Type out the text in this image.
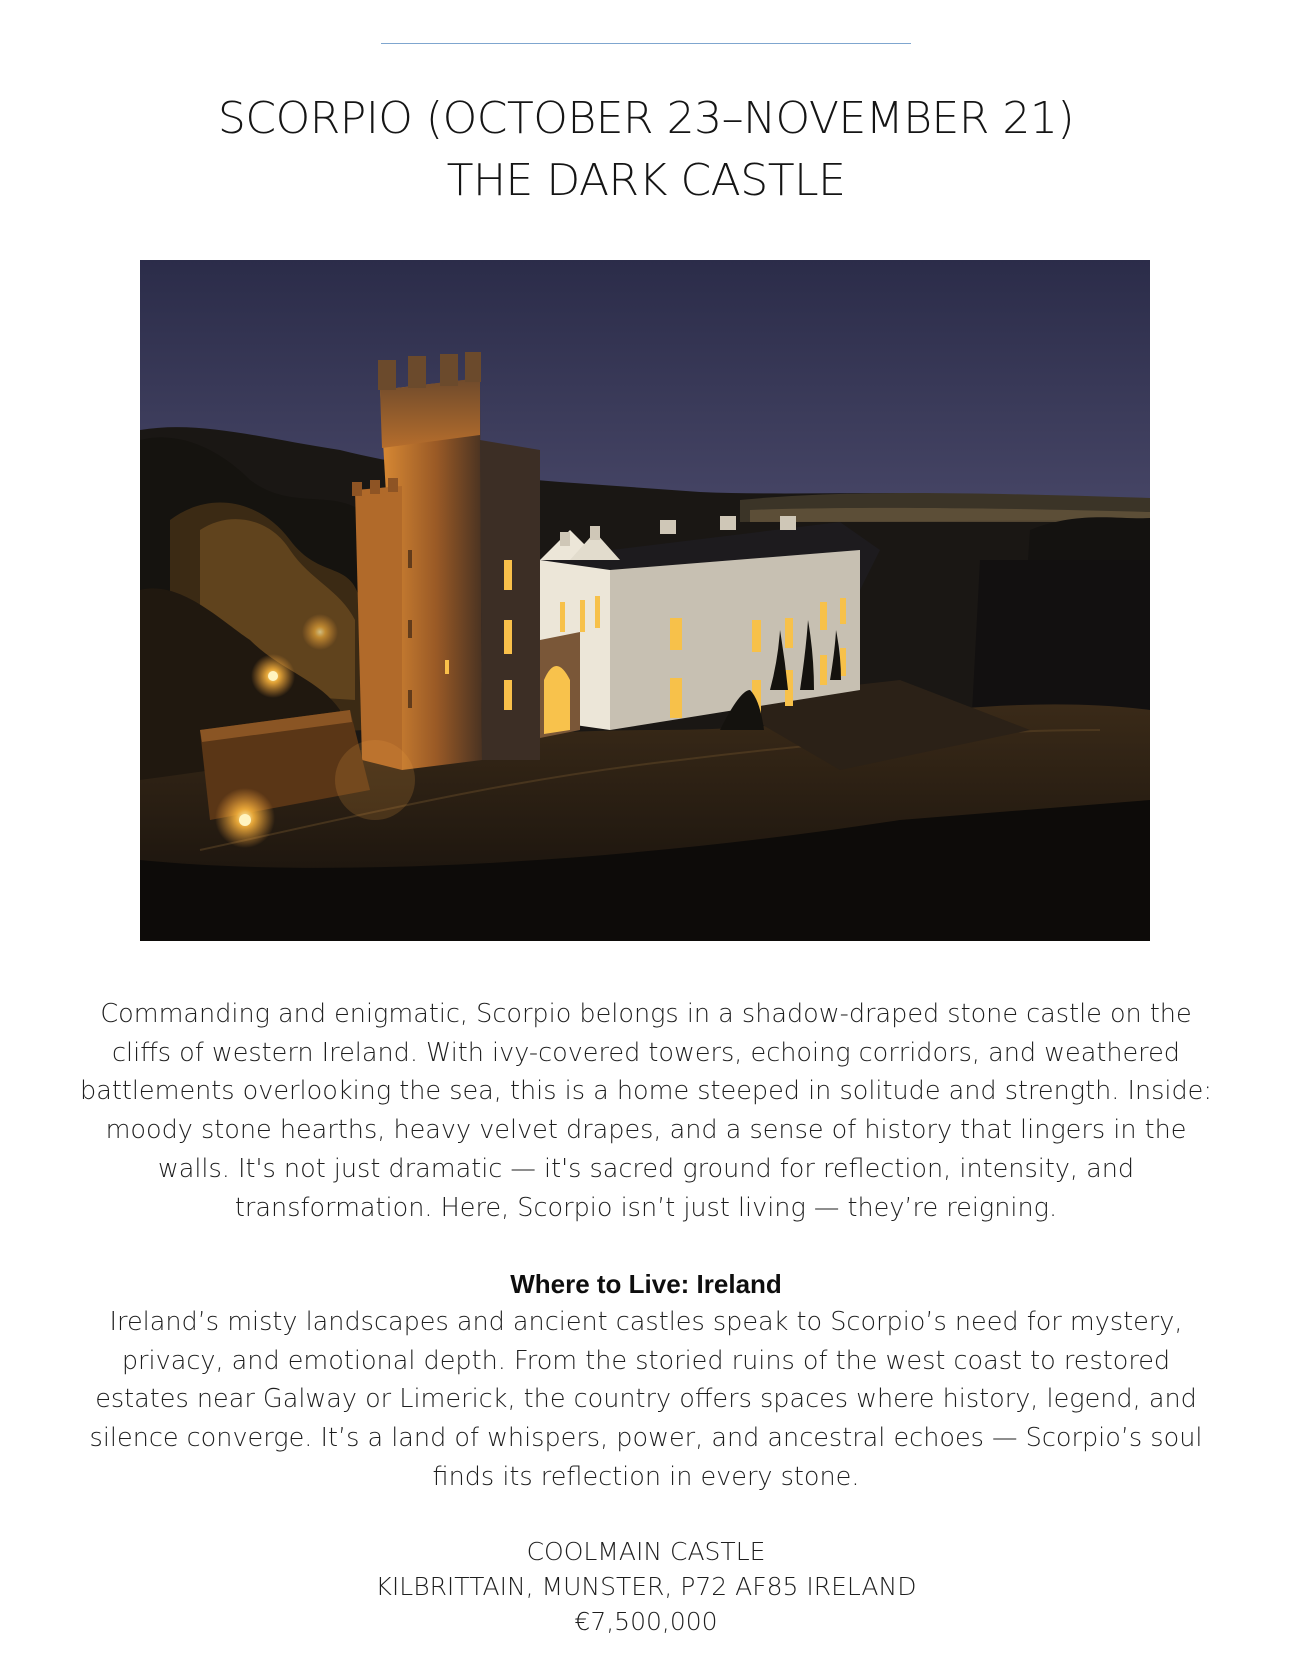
SCORPIO (OCTOBER 23–NOVEMBER 21)
THE DARK CASTLE
Commanding and enigmatic, Scorpio belongs in a shadow-draped stone castle on the
cliffs of western Ireland. With ivy-covered towers, echoing corridors, and weathered
battlements overlooking the sea, this is a home steeped in solitude and strength. Inside:
moody stone hearths, heavy velvet drapes, and a sense of history that lingers in the
walls. It's not just dramatic — it's sacred ground for reflection, intensity, and
transformation. Here, Scorpio isn’t just living — they’re reigning.
Where to Live: Ireland
Ireland’s misty landscapes and ancient castles speak to Scorpio’s need for mystery,
privacy, and emotional depth. From the storied ruins of the west coast to restored
estates near Galway or Limerick, the country offers spaces where history, legend, and
silence converge. It’s a land of whispers, power, and ancestral echoes — Scorpio’s soul
finds its reflection in every stone.
COOLMAIN CASTLE
KILBRITTAIN, MUNSTER, P72 AF85 IRELAND
€7,500,000
